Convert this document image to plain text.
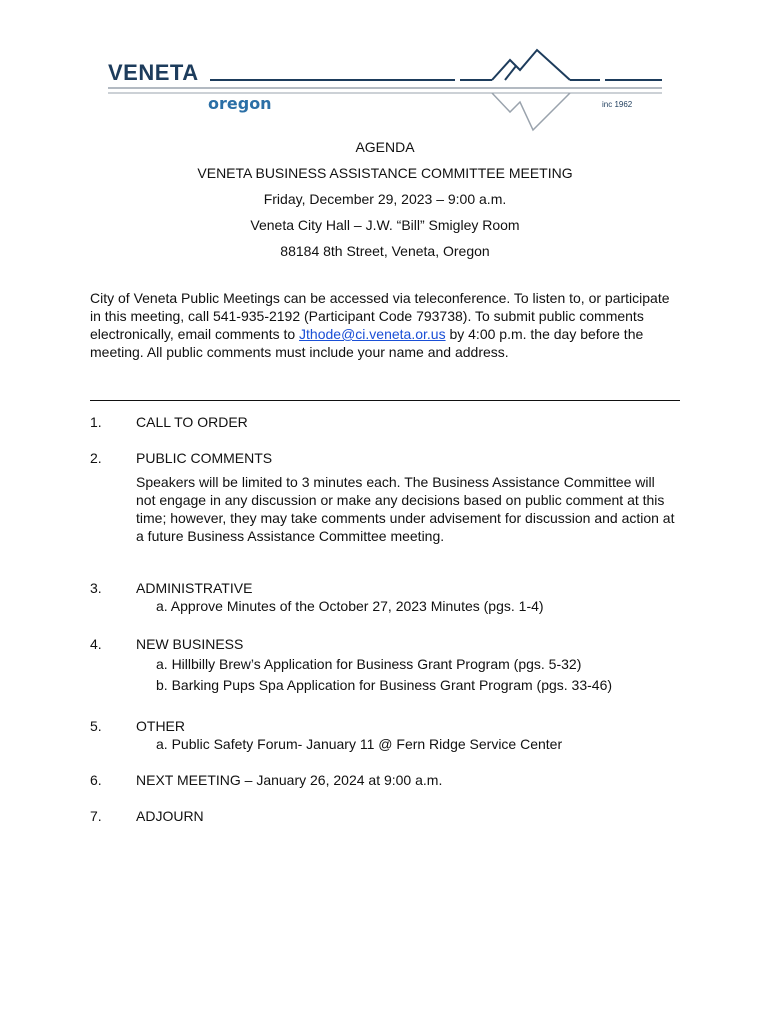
VENETA
oregon	inc 1962
AGENDA
VENETA BUSINESS ASSISTANCE COMMITTEE MEETING
Friday, December 29, 2023 – 9:00 a.m.
Veneta City Hall – J.W. “Bill” Smigley Room
88184 8th Street, Veneta, Oregon
City of Veneta Public Meetings can be accessed via teleconference. To listen to, or participate in this meeting, call 541-935-2192 (Participant Code 793738). To submit public comments electronically, email comments to Jthode@ci.veneta.or.us by 4:00 p.m. the day before the meeting. All public comments must include your name and address.
1.	CALL TO ORDER
2.	PUBLIC COMMENTS
Speakers will be limited to 3 minutes each. The Business Assistance Committee will not engage in any discussion or make any decisions based on public comment at this time; however, they may take comments under advisement for discussion and action at a future Business Assistance Committee meeting.
3.	ADMINISTRATIVE
a. Approve Minutes of the October 27, 2023 Minutes (pgs. 1-4)
4.	NEW BUSINESS
a. Hillbilly Brew’s Application for Business Grant Program (pgs. 5-32)
b. Barking Pups Spa Application for Business Grant Program (pgs. 33-46)
5.	OTHER
a. Public Safety Forum- January 11 @ Fern Ridge Service Center
6.	NEXT MEETING – January 26, 2024 at 9:00 a.m.
7.	ADJOURN
